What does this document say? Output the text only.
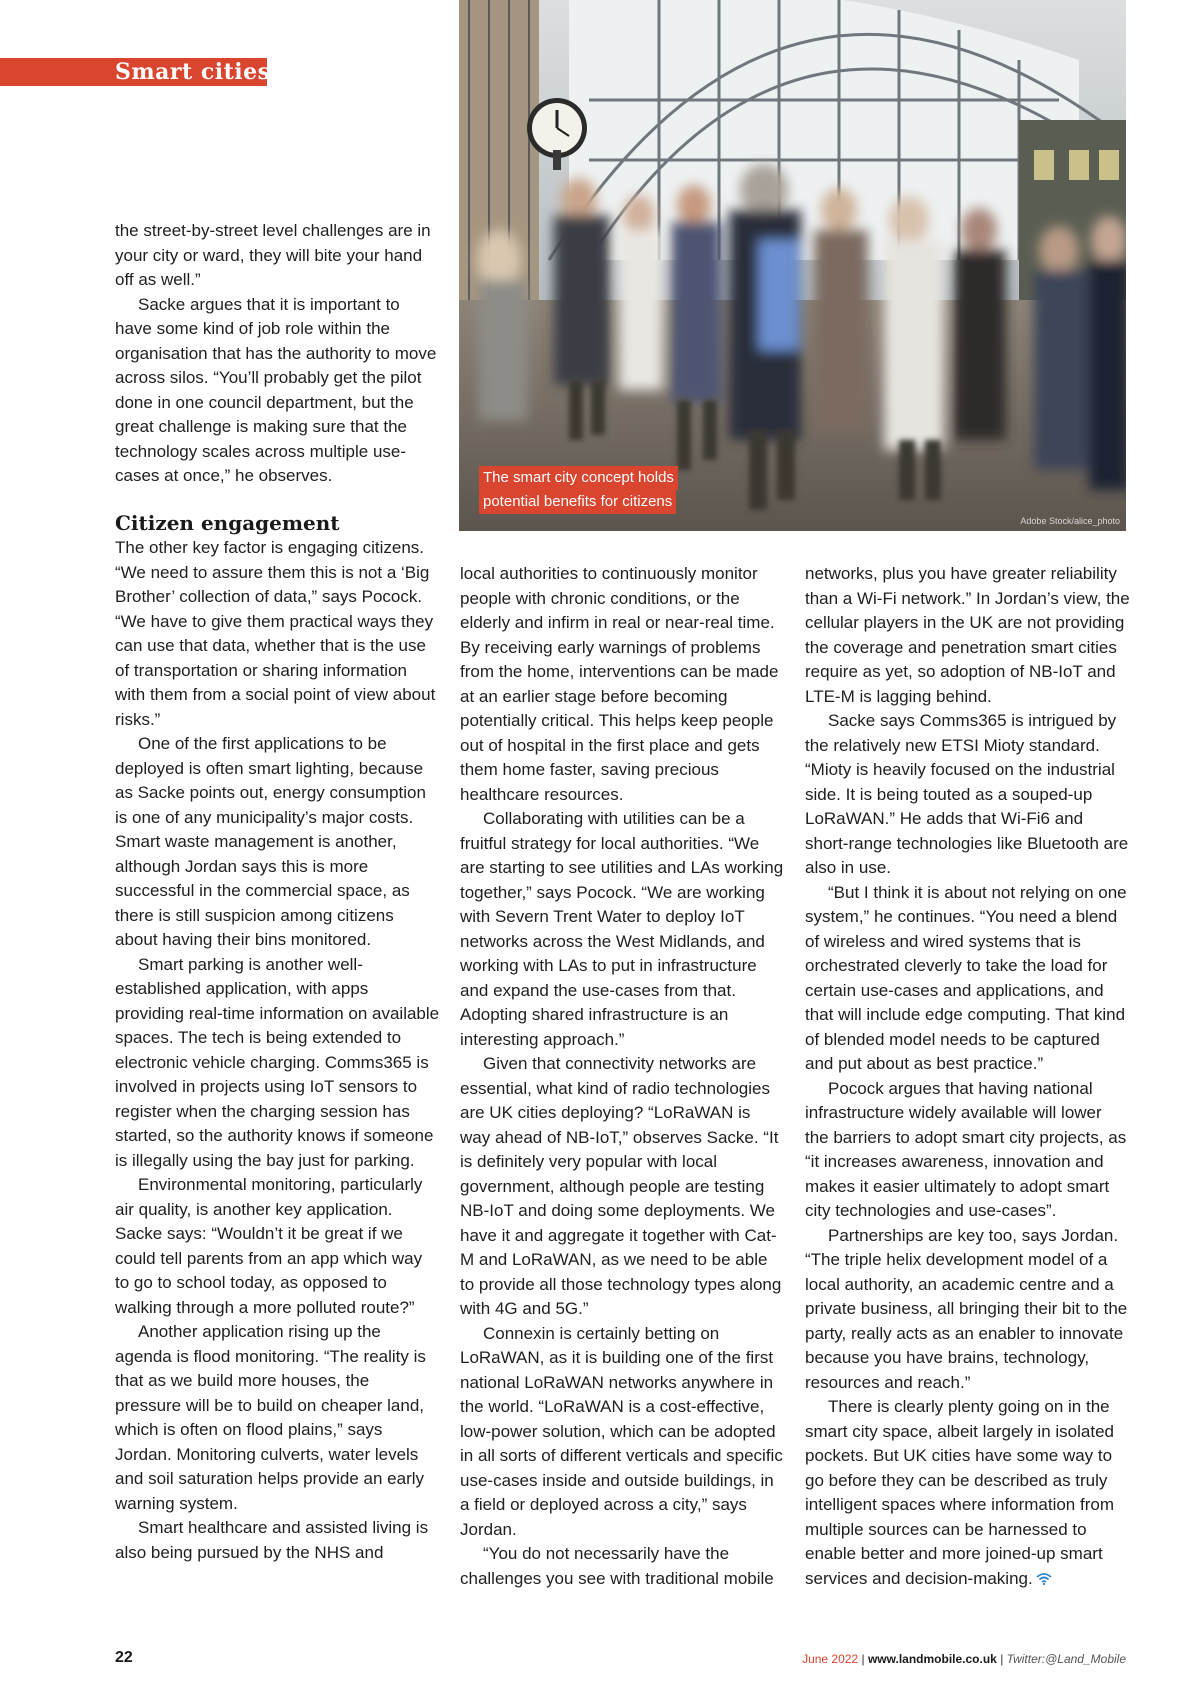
Smart cities
The smart city concept holds
potential benefits for citizens
Adobe Stock/alice_photo

the street-by-street level challenges are in your city or ward, they will bite your hand off as well.”

Sacke argues that it is important to have some kind of job role within the organisation that has the authority to move across silos. “You’ll probably get the pilot done in one council department, but the great challenge is making sure that the technology scales across multiple use-cases at once,” he observes.

Citizen engagement

The other key factor is engaging citizens. “We need to assure them this is not a ‘Big Brother’ collection of data,” says Pocock. “We have to give them practical ways they can use that data, whether that is the use of transportation or sharing information with them from a social point of view about risks.”

One of the first applications to be deployed is often smart lighting, because as Sacke points out, energy consumption is one of any municipality’s major costs. Smart waste management is another, although Jordan says this is more successful in the commercial space, as there is still suspicion among citizens about having their bins monitored.

Smart parking is another well-established application, with apps providing real-time information on available spaces. The tech is being extended to electronic vehicle charging. Comms365 is involved in projects using IoT sensors to register when the charging session has started, so the authority knows if someone is illegally using the bay just for parking.

Environmental monitoring, particularly air quality, is another key application. Sacke says: “Wouldn’t it be great if we could tell parents from an app which way to go to school today, as opposed to walking through a more polluted route?”

Another application rising up the agenda is flood monitoring. “The reality is that as we build more houses, the pressure will be to build on cheaper land, which is often on flood plains,” says Jordan. Monitoring culverts, water levels and soil saturation helps provide an early warning system.

Smart healthcare and assisted living is also being pursued by the NHS and

local authorities to continuously monitor people with chronic conditions, or the elderly and infirm in real or near-real time. By receiving early warnings of problems from the home, interventions can be made at an earlier stage before becoming potentially critical. This helps keep people out of hospital in the first place and gets them home faster, saving precious healthcare resources.

Collaborating with utilities can be a fruitful strategy for local authorities. “We are starting to see utilities and LAs working together,” says Pocock. “We are working with Severn Trent Water to deploy IoT networks across the West Midlands, and working with LAs to put in infrastructure and expand the use-cases from that. Adopting shared infrastructure is an interesting approach.”

Given that connectivity networks are essential, what kind of radio technologies are UK cities deploying? “LoRaWAN is way ahead of NB-IoT,” observes Sacke. “It is definitely very popular with local government, although people are testing NB-IoT and doing some deployments. We have it and aggregate it together with Cat-M and LoRaWAN, as we need to be able to provide all those technology types along with 4G and 5G.”

Connexin is certainly betting on LoRaWAN, as it is building one of the first national LoRaWAN networks anywhere in the world. “LoRaWAN is a cost-effective, low-power solution, which can be adopted in all sorts of different verticals and specific use-cases inside and outside buildings, in a field or deployed across a city,” says Jordan.

“You do not necessarily have the challenges you see with traditional mobile

networks, plus you have greater reliability than a Wi-Fi network.” In Jordan’s view, the cellular players in the UK are not providing the coverage and penetration smart cities require as yet, so adoption of NB-IoT and LTE-M is lagging behind.

Sacke says Comms365 is intrigued by the relatively new ETSI Mioty standard. “Mioty is heavily focused on the industrial side. It is being touted as a souped-up LoRaWAN.” He adds that Wi-Fi6 and short-range technologies like Bluetooth are also in use.

“But I think it is about not relying on one system,” he continues. “You need a blend of wireless and wired systems that is orchestrated cleverly to take the load for certain use-cases and applications, and that will include edge computing. That kind of blended model needs to be captured and put about as best practice.”

Pocock argues that having national infrastructure widely available will lower the barriers to adopt smart city projects, as “it increases awareness, innovation and makes it easier ultimately to adopt smart city technologies and use-cases”.

Partnerships are key too, says Jordan. “The triple helix development model of a local authority, an academic centre and a private business, all bringing their bit to the party, really acts as an enabler to innovate because you have brains, technology, resources and reach.”

There is clearly plenty going on in the smart city space, albeit largely in isolated pockets. But UK cities have some way to go before they can be described as truly intelligent spaces where information from multiple sources can be harnessed to enable better and more joined-up smart services and decision-making.

22	June 2022 | www.landmobile.co.uk | Twitter:@Land_Mobile
